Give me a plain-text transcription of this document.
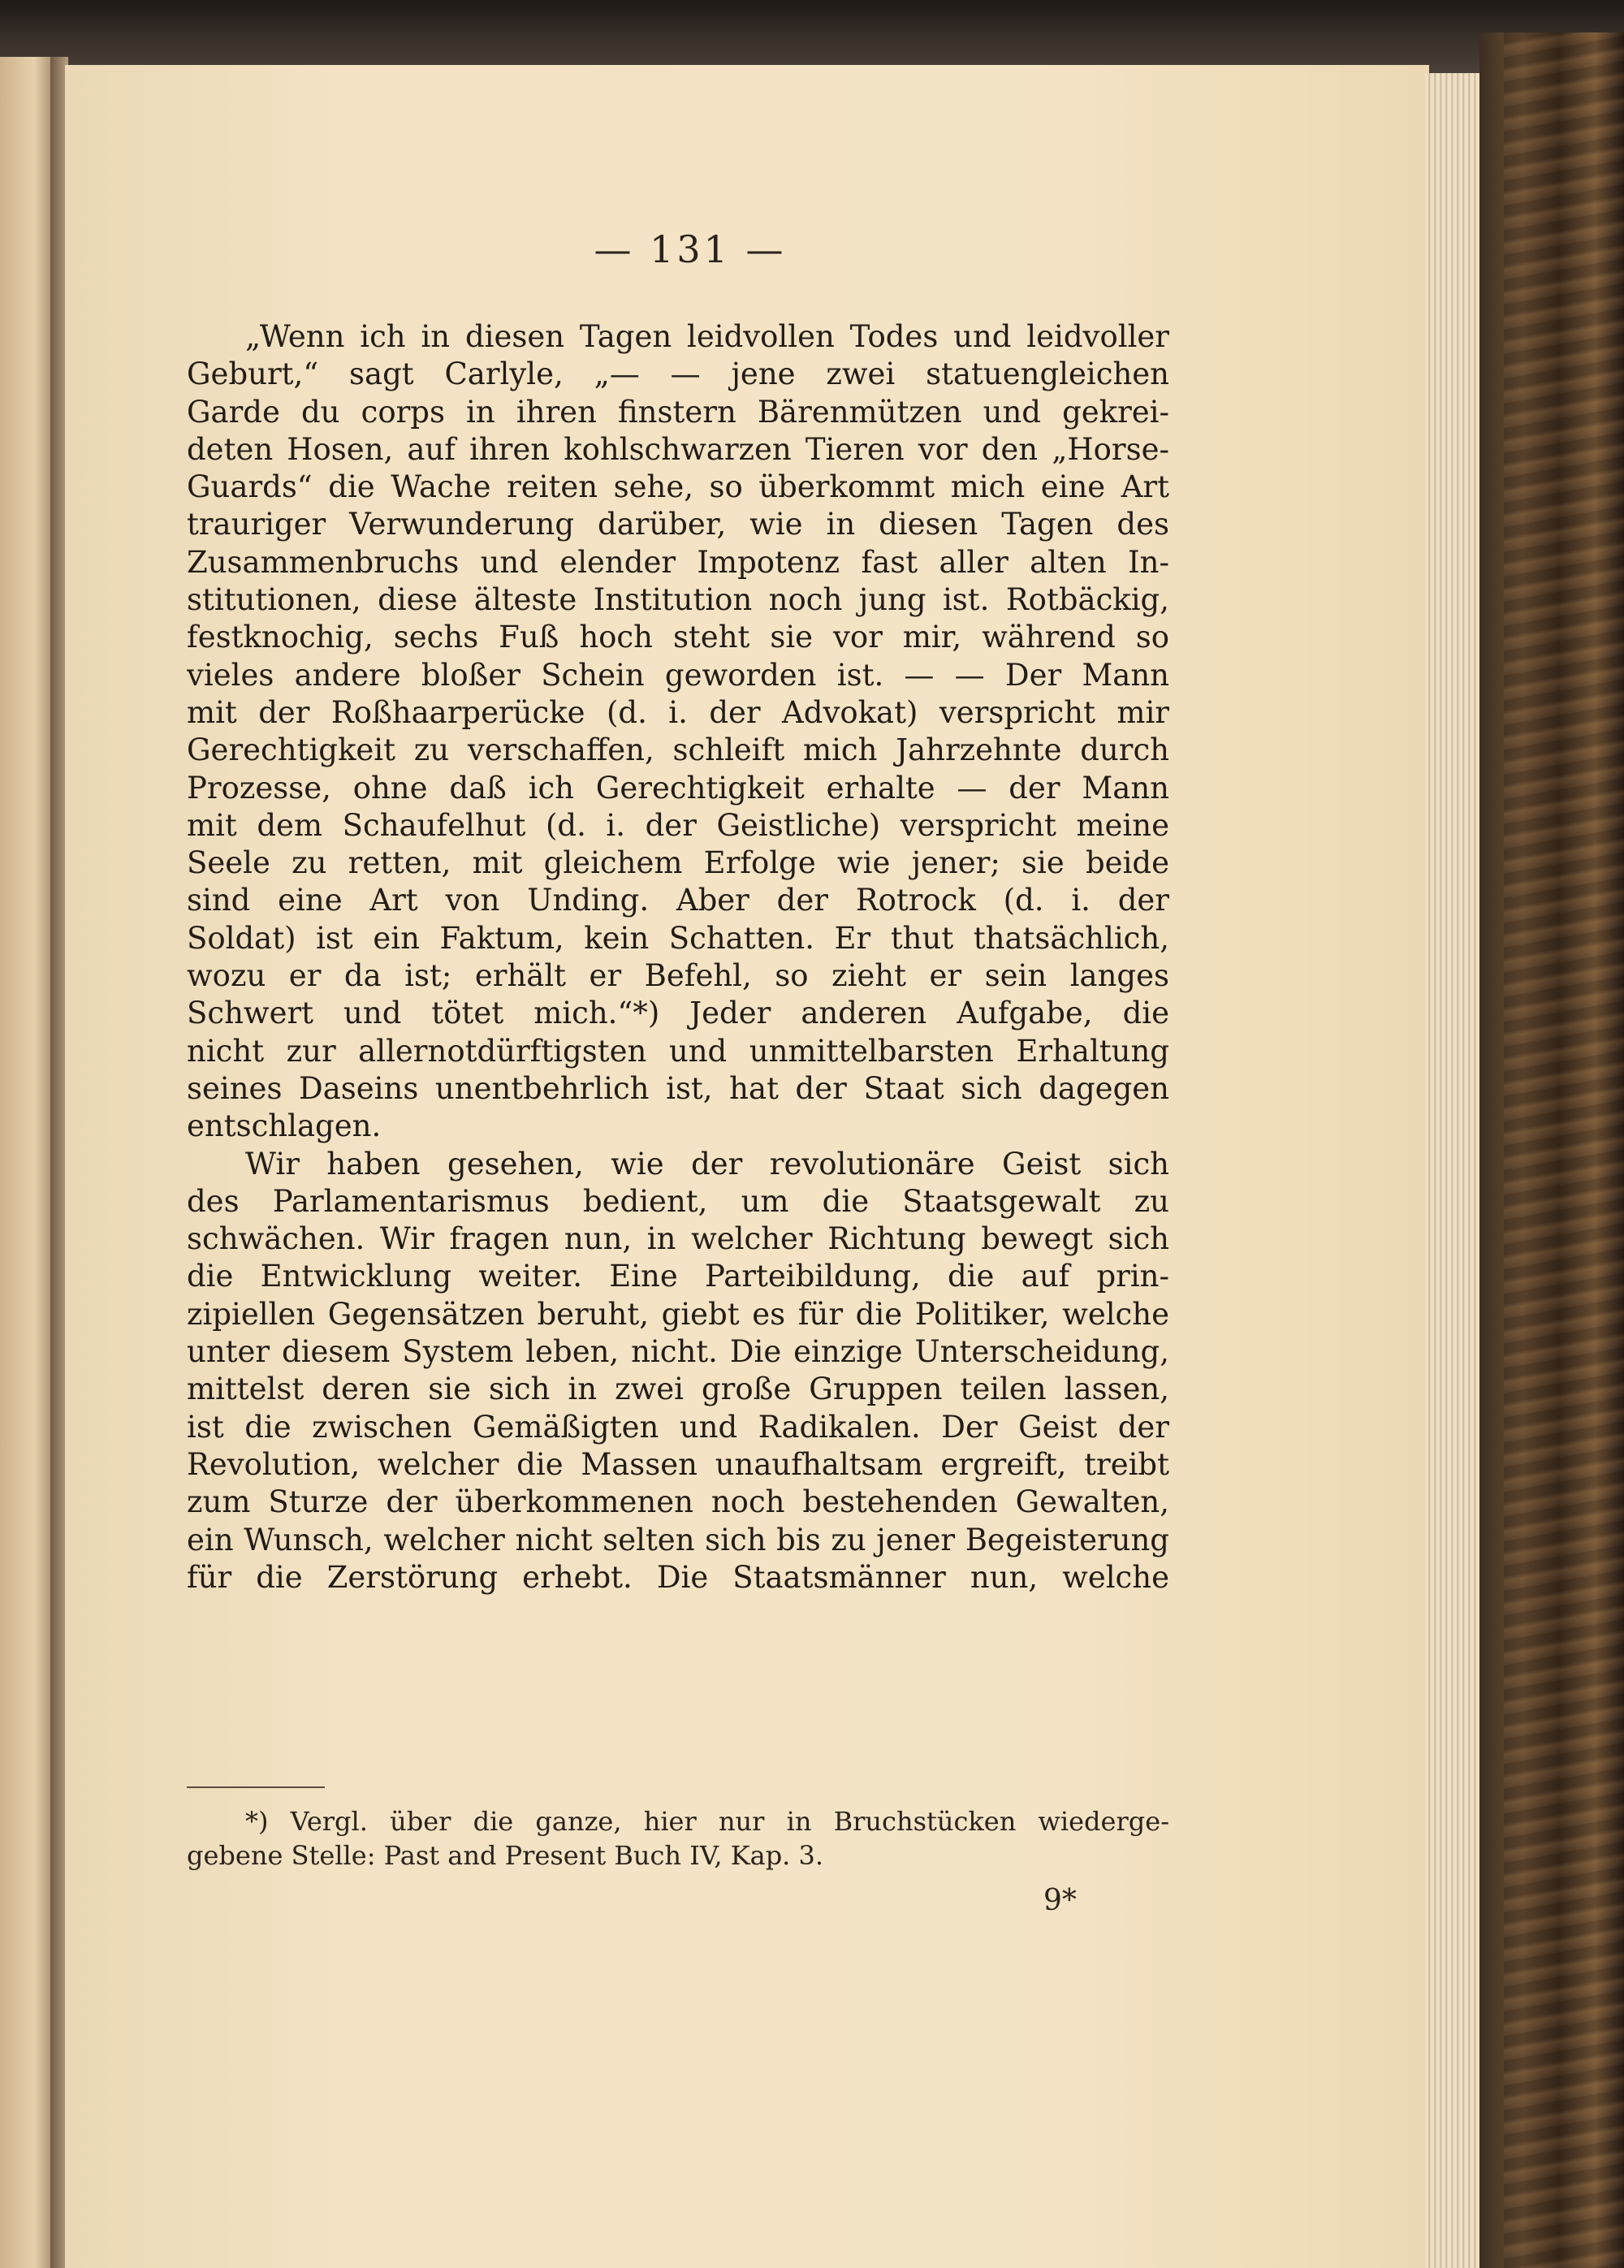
— 131 —
„Wenn ich in diesen Tagen leidvollen Todes und leidvoller
Geburt,“ sagt Carlyle, „— — jene zwei statuengleichen
Garde du corps in ihren finstern Bärenmützen und gekrei-
deten Hosen, auf ihren kohlschwarzen Tieren vor den „Horse-
Guards“ die Wache reiten sehe, so überkommt mich eine Art
trauriger Verwunderung darüber, wie in diesen Tagen des
Zusammenbruchs und elender Impotenz fast aller alten In-
stitutionen, diese älteste Institution noch jung ist. Rotbäckig,
festknochig, sechs Fuß hoch steht sie vor mir, während so
vieles andere bloßer Schein geworden ist. — — Der Mann
mit der Roßhaarperücke (d. i. der Advokat) verspricht mir
Gerechtigkeit zu verschaffen, schleift mich Jahrzehnte durch
Prozesse, ohne daß ich Gerechtigkeit erhalte — der Mann
mit dem Schaufelhut (d. i. der Geistliche) verspricht meine
Seele zu retten, mit gleichem Erfolge wie jener; sie beide
sind eine Art von Unding. Aber der Rotrock (d. i. der
Soldat) ist ein Faktum, kein Schatten. Er thut thatsächlich,
wozu er da ist; erhält er Befehl, so zieht er sein langes
Schwert und tötet mich.“*) Jeder anderen Aufgabe, die
nicht zur allernotdürftigsten und unmittelbarsten Erhaltung
seines Daseins unentbehrlich ist, hat der Staat sich dagegen
entschlagen.
Wir haben gesehen, wie der revolutionäre Geist sich
des Parlamentarismus bedient, um die Staatsgewalt zu
schwächen. Wir fragen nun, in welcher Richtung bewegt sich
die Entwicklung weiter. Eine Parteibildung, die auf prin-
zipiellen Gegensätzen beruht, giebt es für die Politiker, welche
unter diesem System leben, nicht. Die einzige Unterscheidung,
mittelst deren sie sich in zwei große Gruppen teilen lassen,
ist die zwischen Gemäßigten und Radikalen. Der Geist der
Revolution, welcher die Massen unaufhaltsam ergreift, treibt
zum Sturze der überkommenen noch bestehenden Gewalten,
ein Wunsch, welcher nicht selten sich bis zu jener Begeisterung
für die Zerstörung erhebt. Die Staatsmänner nun, welche
*) Vergl. über die ganze, hier nur in Bruchstücken wiederge-
gebene Stelle: Past and Present Buch IV, Kap. 3.
9*
